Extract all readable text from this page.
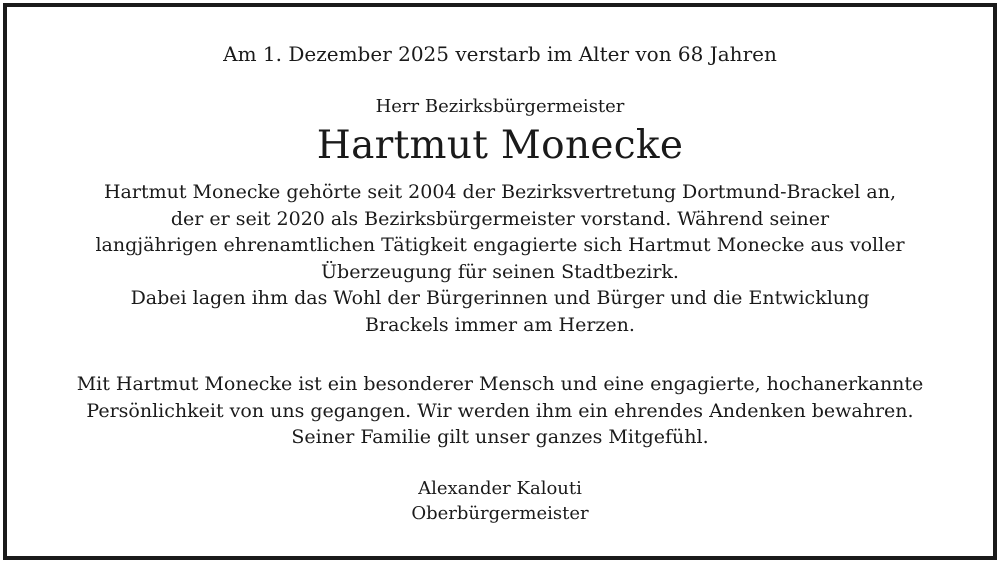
Am 1. Dezember 2025 verstarb im Alter von 68 Jahren
Herr Bezirksbürgermeister
Hartmut Monecke
Hartmut Monecke gehörte seit 2004 der Bezirksvertretung Dortmund-Brackel an,
der er seit 2020 als Bezirksbürgermeister vorstand. Während seiner
langjährigen ehrenamtlichen Tätigkeit engagierte sich Hartmut Monecke aus voller
Überzeugung für seinen Stadtbezirk.
Dabei lagen ihm das Wohl der Bürgerinnen und Bürger und die Entwicklung
Brackels immer am Herzen.
Mit Hartmut Monecke ist ein besonderer Mensch und eine engagierte, hochanerkannte
Persönlichkeit von uns gegangen. Wir werden ihm ein ehrendes Andenken bewahren.
Seiner Familie gilt unser ganzes Mitgefühl.
Alexander Kalouti
Oberbürgermeister
